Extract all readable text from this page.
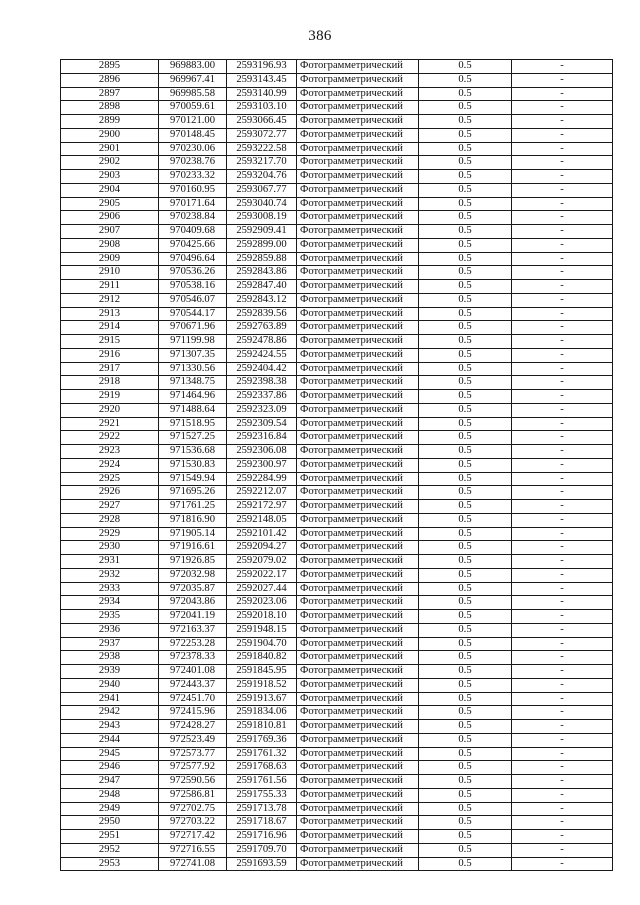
386
2895	969883.00	2593196.93	Фотограмметрический	0.5	-
2896	969967.41	2593143.45	Фотограмметрический	0.5	-
2897	969985.58	2593140.99	Фотограмметрический	0.5	-
2898	970059.61	2593103.10	Фотограмметрический	0.5	-
2899	970121.00	2593066.45	Фотограмметрический	0.5	-
2900	970148.45	2593072.77	Фотограмметрический	0.5	-
2901	970230.06	2593222.58	Фотограмметрический	0.5	-
2902	970238.76	2593217.70	Фотограмметрический	0.5	-
2903	970233.32	2593204.76	Фотограмметрический	0.5	-
2904	970160.95	2593067.77	Фотограмметрический	0.5	-
2905	970171.64	2593040.74	Фотограмметрический	0.5	-
2906	970238.84	2593008.19	Фотограмметрический	0.5	-
2907	970409.68	2592909.41	Фотограмметрический	0.5	-
2908	970425.66	2592899.00	Фотограмметрический	0.5	-
2909	970496.64	2592859.88	Фотограмметрический	0.5	-
2910	970536.26	2592843.86	Фотограмметрический	0.5	-
2911	970538.16	2592847.40	Фотограмметрический	0.5	-
2912	970546.07	2592843.12	Фотограмметрический	0.5	-
2913	970544.17	2592839.56	Фотограмметрический	0.5	-
2914	970671.96	2592763.89	Фотограмметрический	0.5	-
2915	971199.98	2592478.86	Фотограмметрический	0.5	-
2916	971307.35	2592424.55	Фотограмметрический	0.5	-
2917	971330.56	2592404.42	Фотограмметрический	0.5	-
2918	971348.75	2592398.38	Фотограмметрический	0.5	-
2919	971464.96	2592337.86	Фотограмметрический	0.5	-
2920	971488.64	2592323.09	Фотограмметрический	0.5	-
2921	971518.95	2592309.54	Фотограмметрический	0.5	-
2922	971527.25	2592316.84	Фотограмметрический	0.5	-
2923	971536.68	2592306.08	Фотограмметрический	0.5	-
2924	971530.83	2592300.97	Фотограмметрический	0.5	-
2925	971549.94	2592284.99	Фотограмметрический	0.5	-
2926	971695.26	2592212.07	Фотограмметрический	0.5	-
2927	971761.25	2592172.97	Фотограмметрический	0.5	-
2928	971816.90	2592148.05	Фотограмметрический	0.5	-
2929	971905.14	2592101.42	Фотограмметрический	0.5	-
2930	971916.61	2592094.27	Фотограмметрический	0.5	-
2931	971926.85	2592079.02	Фотограмметрический	0.5	-
2932	972032.98	2592022.17	Фотограмметрический	0.5	-
2933	972035.87	2592027.44	Фотограмметрический	0.5	-
2934	972043.86	2592023.06	Фотограмметрический	0.5	-
2935	972041.19	2592018.10	Фотограмметрический	0.5	-
2936	972163.37	2591948.15	Фотограмметрический	0.5	-
2937	972253.28	2591904.70	Фотограмметрический	0.5	-
2938	972378.33	2591840.82	Фотограмметрический	0.5	-
2939	972401.08	2591845.95	Фотограмметрический	0.5	-
2940	972443.37	2591918.52	Фотограмметрический	0.5	-
2941	972451.70	2591913.67	Фотограмметрический	0.5	-
2942	972415.96	2591834.06	Фотограмметрический	0.5	-
2943	972428.27	2591810.81	Фотограмметрический	0.5	-
2944	972523.49	2591769.36	Фотограмметрический	0.5	-
2945	972573.77	2591761.32	Фотограмметрический	0.5	-
2946	972577.92	2591768.63	Фотограмметрический	0.5	-
2947	972590.56	2591761.56	Фотограмметрический	0.5	-
2948	972586.81	2591755.33	Фотограмметрический	0.5	-
2949	972702.75	2591713.78	Фотограмметрический	0.5	-
2950	972703.22	2591718.67	Фотограмметрический	0.5	-
2951	972717.42	2591716.96	Фотограмметрический	0.5	-
2952	972716.55	2591709.70	Фотограмметрический	0.5	-
2953	972741.08	2591693.59	Фотограмметрический	0.5	-
